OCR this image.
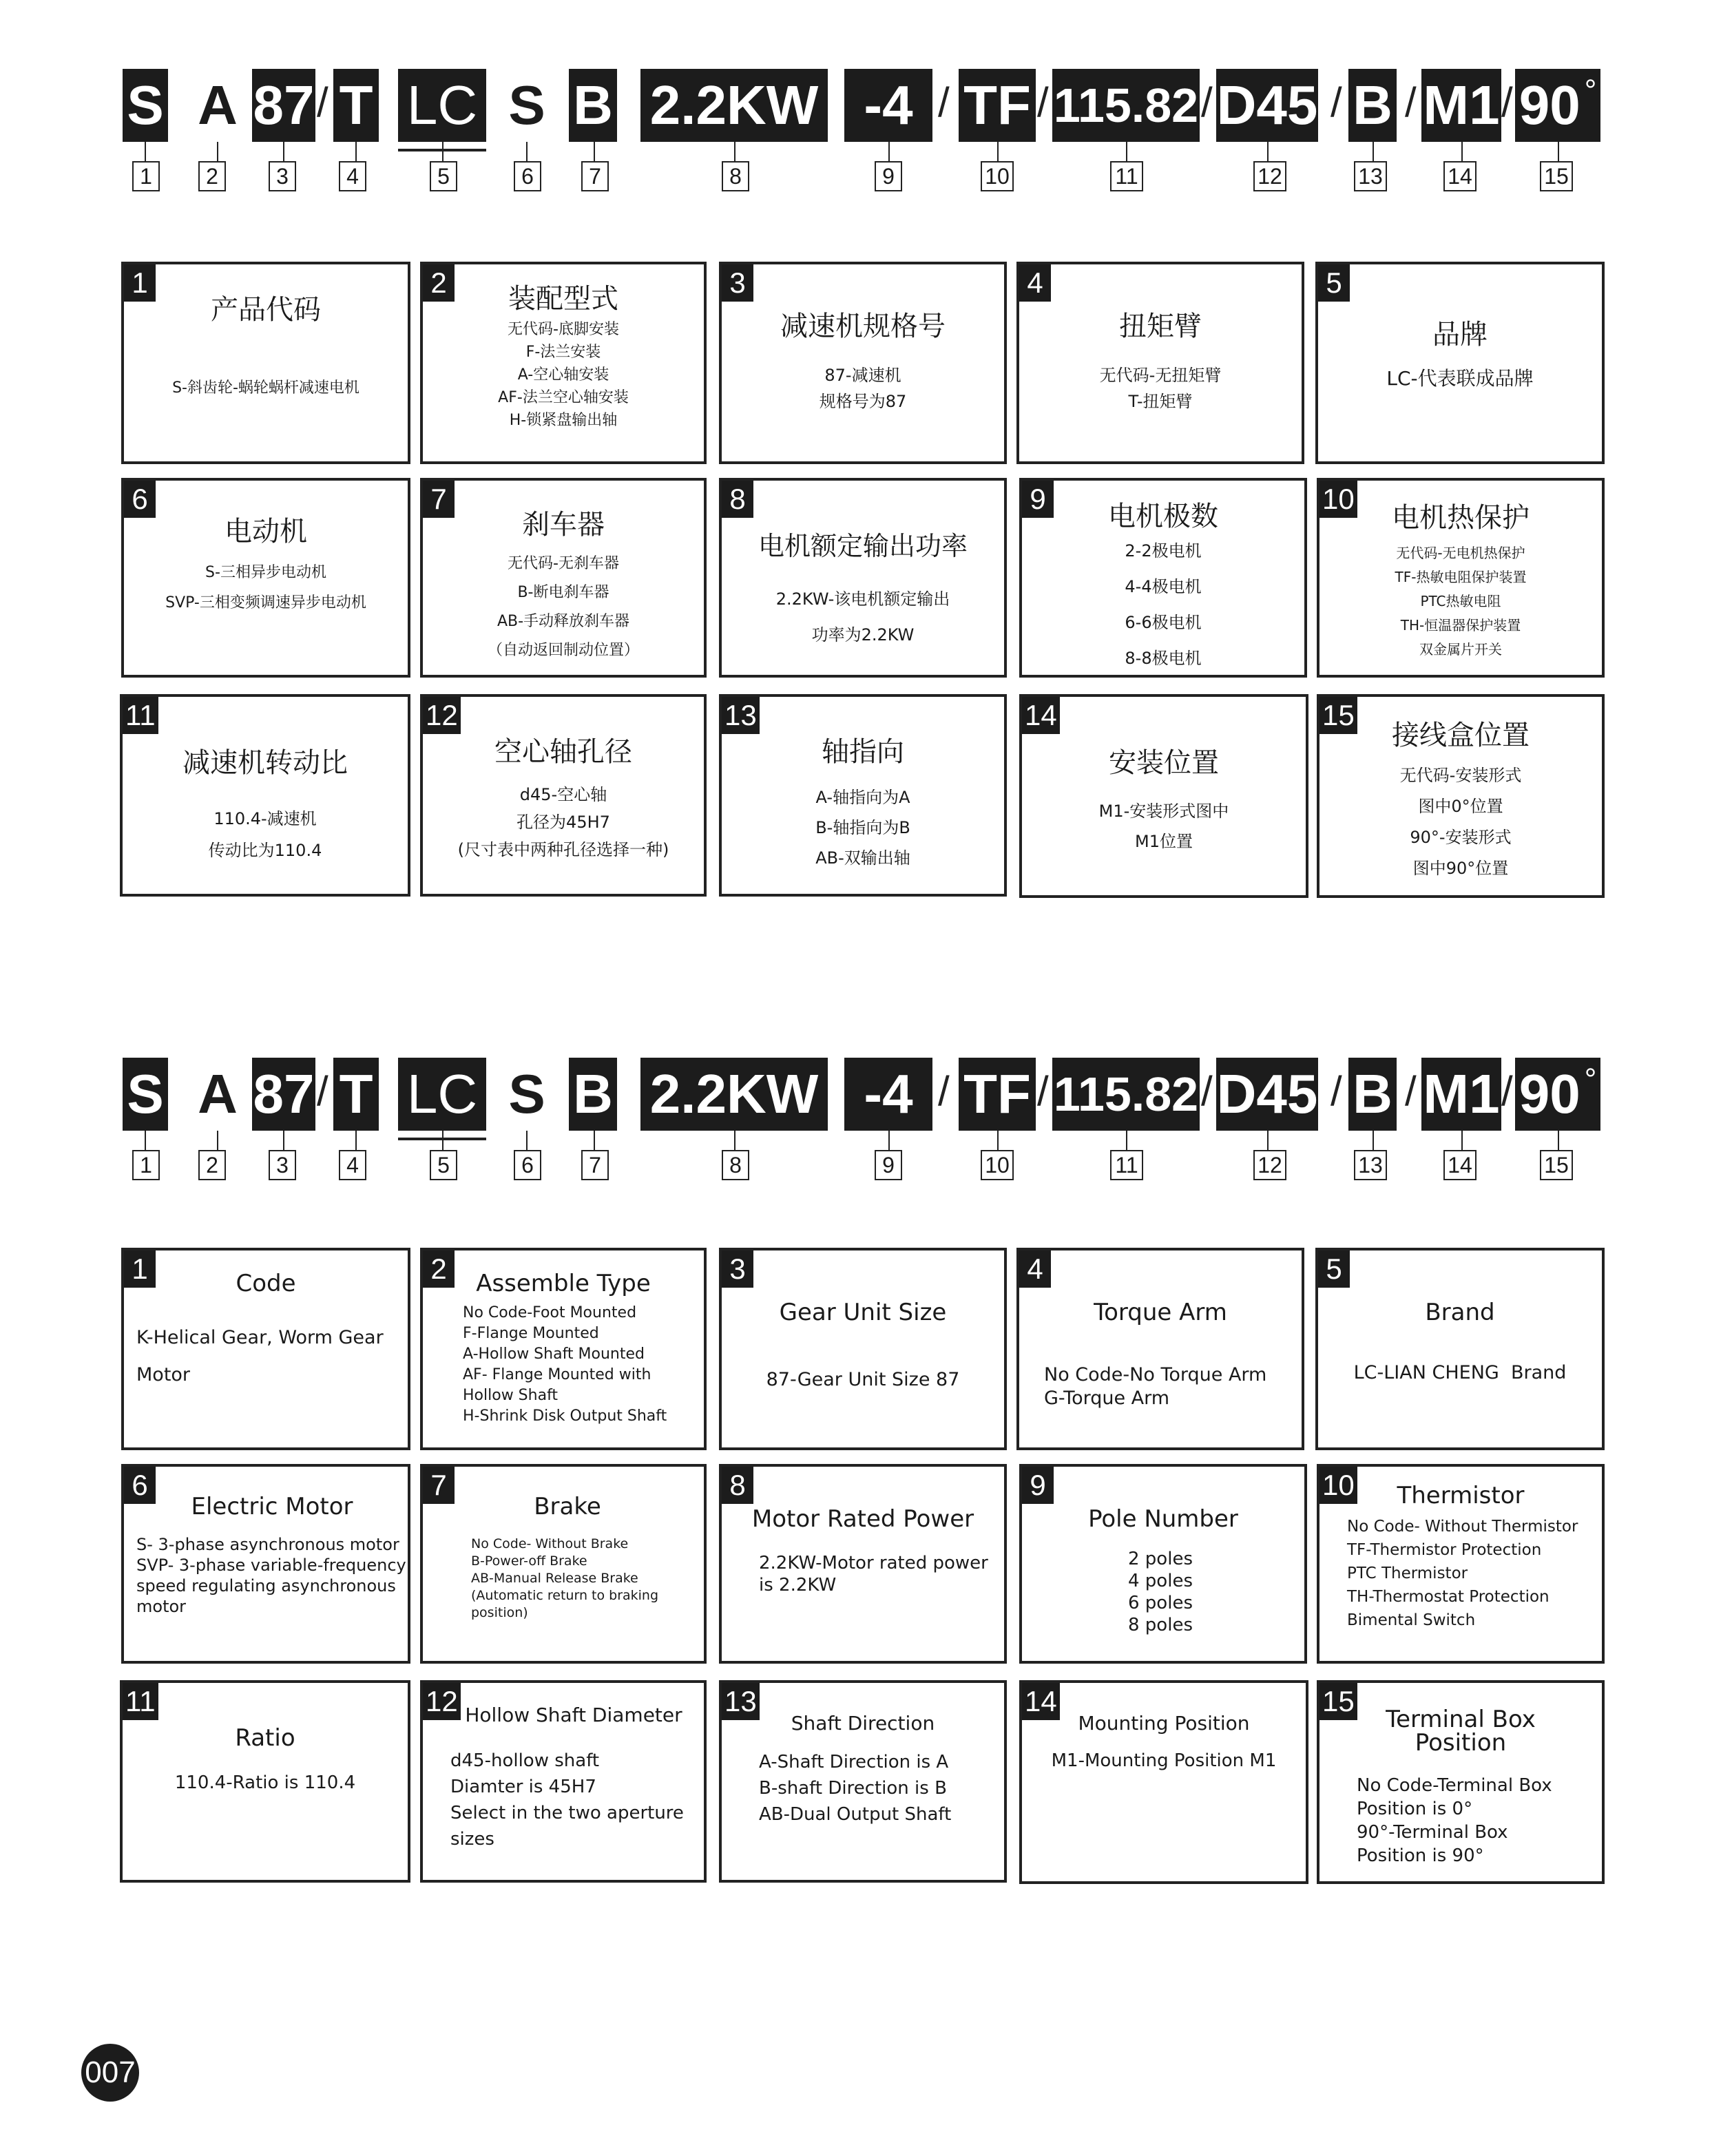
S A 87 / T LC S B 2.2KW -4 / TF / 115.82 / D45 / B / M1 / 90 °
1	2	3	4	5	6	7	8	9	10	11	12	13	14	15
1
产品代码
S-斜齿轮-蜗轮蜗杆减速电机
2	装配型式
无代码-底脚安装
F-法兰安装
A-空心轴安装
AF-法兰空心轴安装
H-锁紧盘输出轴
3
减速机规格号
87-减速机
规格号为87
4
扭矩臂
无代码-无扭矩臂
T-扭矩臂
5
品牌
LC-代表联成品牌
6
电动机
S-三相异步电动机
SVP-三相变频调速异步电动机
7
刹车器
无代码-无刹车器
B-断电刹车器
AB-手动释放刹车器
（自动返回制动位置）
8
电机额定输出功率
2.2KW-该电机额定输出
功率为2.2KW
9
电机极数
2-2极电机
4-4极电机
6-6极电机
8-8极电机
10
电机热保护
无代码-无电机热保护
TF-热敏电阻保护装置
PTC热敏电阻
TH-恒温器保护装置
双金属片开关
11
减速机转动比
110.4-减速机
传动比为110.4
12
空心轴孔径
d45-空心轴
孔径为45H7
(尺寸表中两种孔径选择一种)
13
轴指向
A-轴指向为A
B-轴指向为B
AB-双输出轴
14
安装位置
M1-安装形式图中
M1位置
15
接线盒位置
无代码-安装形式
图中0°位置
90°-安装形式
图中90°位置
S A 87 / T LC S B 2.2KW -4 / TF / 115.82 / D45 / B / M1 / 90 °
1	2	3	4	5	6	7	8	9	10	11	12	13	14	15
1	Code
K-Helical Gear, Worm Gear
Motor
2	Assemble Type
No Code-Foot Mounted
F-Flange Mounted
A-Hollow Shaft Mounted
AF- Flange Mounted with
Hollow Shaft
H-Shrink Disk Output Shaft
3
Gear Unit Size
87-Gear Unit Size 87
4
Torque Arm
No Code-No Torque Arm
G-Torque Arm
5
Brand
LC-LIAN CHENG  Brand
6
Electric Motor
S- 3-phase asynchronous motor
SVP- 3-phase variable-frequency
speed regulating asynchronous
motor
7
Brake
No Code- Without Brake
B-Power-off Brake
AB-Manual Release Brake
(Automatic return to braking
position)
8
Motor Rated Power
2.2KW-Motor rated power
is 2.2KW
9
Pole Number
2 poles
4 poles
6 poles
8 poles
10	Thermistor
No Code- Without Thermistor
TF-Thermistor Protection
PTC Thermistor
TH-Thermostat Protection
Bimental Switch
11
Ratio
110.4-Ratio is 110.4
12 Hollow Shaft Diameter
d45-hollow shaft
Diamter is 45H7
Select in the two aperture
sizes
13
Shaft Direction
A-Shaft Direction is A
B-shaft Direction is B
AB-Dual Output Shaft
14
Mounting Position
M1-Mounting Position M1
15
Terminal Box Position
No Code-Terminal Box
Position is 0°
90°-Terminal Box
Position is 90°
007
